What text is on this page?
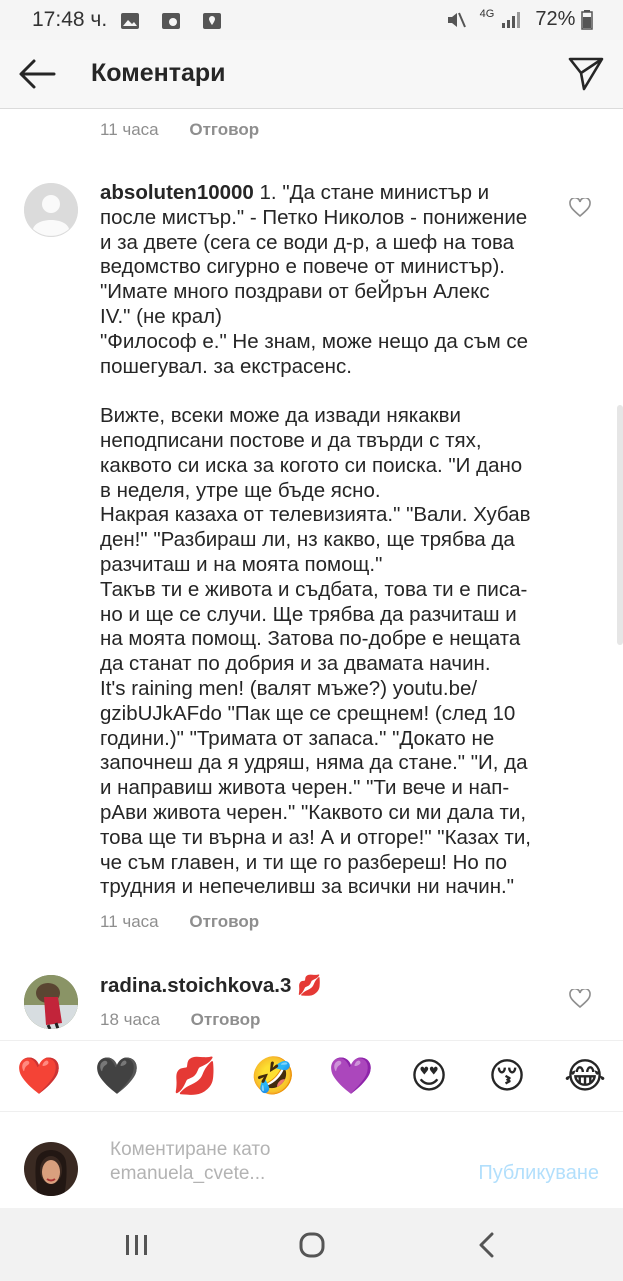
17:48 ч.
	$^{4G}$ 72%
Коментари
11 часа Отговор
absoluten10000 1. "Да стане министър и
после мистър." - Петко Николов - понижение
и за двете (сега се води д-р, а шеф на това
ведомство сигурно е повече от министър).
"Имате много поздрави от беЙрън Алекс
IV." (не крал)
"Философ е." Не знам, може нещо да съм се
пошегувал. за екстрасенс.

Вижте, всеки може да извади някакви
неподписани постове и да твърди с тях,
каквото си иска за когото си поиска. "И дано
в неделя, утре ще бъде ясно.
Накрая казаха от телевизията." "Вали. Хубав
ден!" "Разбираш ли, нз какво, ще трябва да
разчиташ и на моята помощ."
Такъв ти е живота и съдбата, това ти е писа-
но и ще се случи. Ще трябва да разчиташ и
на моята помощ. Затова по-добре е нещата
да станат по добрия и за двамата начин.
It's raining men! (валят мъже?) youtu.be/
gzibUJkAFdo "Пак ще се срещнем! (след 10
години.)" "Тримата от запаса." "Докато не
започнеш да я удряш, няма да стане." "И, да
и направиш живота черен." "Ти вече и нап-
рАви живота черен." "Каквото си ми дала ти,
това ще ти върна и аз! А и отгоре!" "Казах ти,
че съм главен, и ти ще го разбереш! Но по
трудния и непечеливш за всички ни начин."
11 часа Отговор
radina.stoichkova.3 💋
18 часа Отговор
❤️ 🖤 💋 🤣 💜 😍 😚 😂
Коментиране като emanuela_cvete...	Публикуване
